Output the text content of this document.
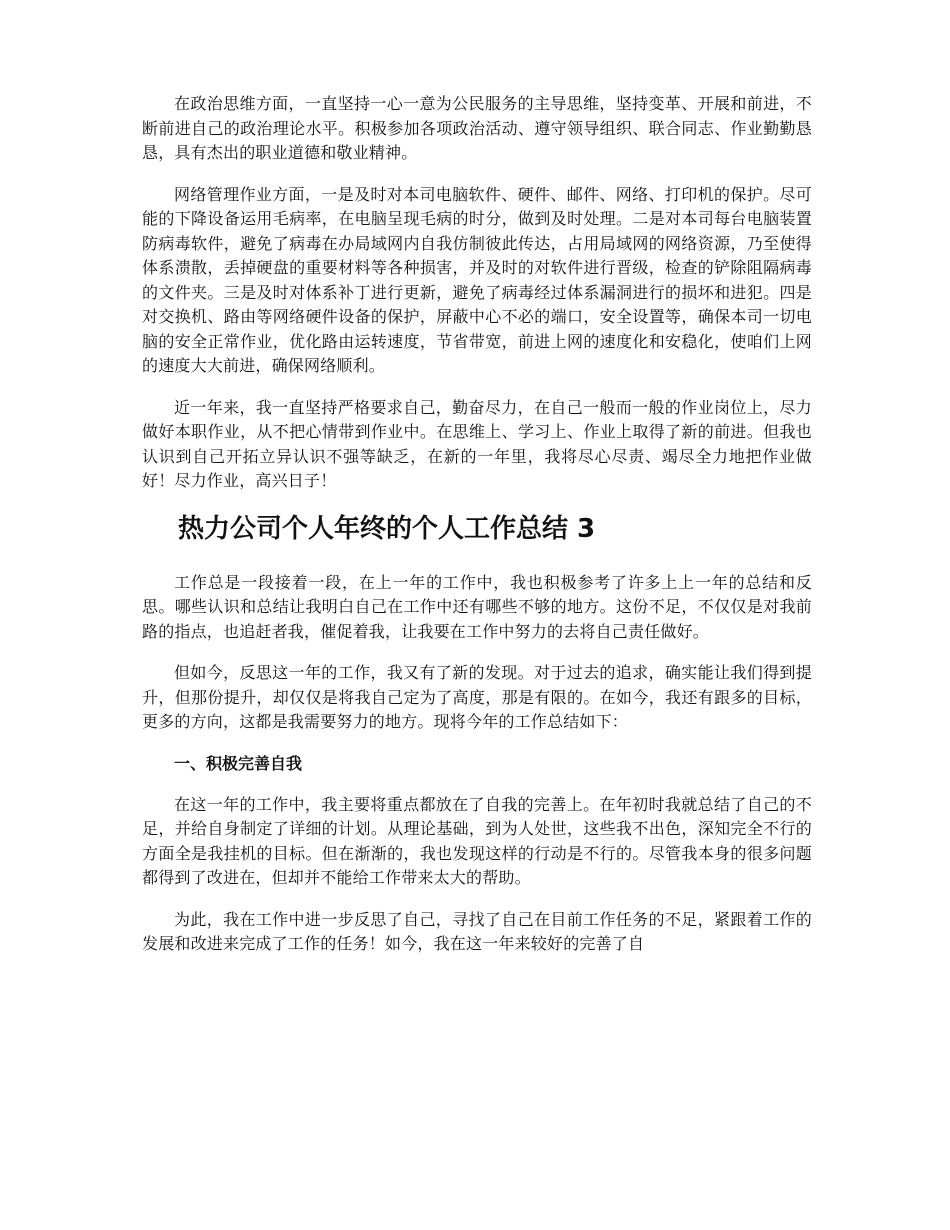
在政治思维方面，一直坚持一心一意为公民服务的主导思维，坚持变革、开展和前进，不断前进自己的政治理论水平。积极参加各项政治活动、遵守领导组织、联合同志、作业勤勤恳恳，具有杰出的职业道德和敬业精神。

网络管理作业方面，一是及时对本司电脑软件、硬件、邮件、网络、打印机的保护。尽可能的下降设备运用毛病率，在电脑呈现毛病的时分，做到及时处理。二是对本司每台电脑装置防病毒软件，避免了病毒在办局域网内自我仿制彼此传达，占用局域网的网络资源，乃至使得体系溃散，丢掉硬盘的重要材料等各种损害，并及时的对软件进行晋级，检查的铲除阻隔病毒的文件夹。三是及时对体系补丁进行更新，避免了病毒经过体系漏洞进行的损坏和进犯。四是对交换机、路由等网络硬件设备的保护，屏蔽中心不必的端口，安全设置等，确保本司一切电脑的安全正常作业，优化路由运转速度，节省带宽，前进上网的速度化和安稳化，使咱们上网的速度大大前进，确保网络顺利。

近一年来，我一直坚持严格要求自己，勤奋尽力，在自己一般而一般的作业岗位上，尽力做好本职作业，从不把心情带到作业中。在思维上、学习上、作业上取得了新的前进。但我也认识到自己开拓立异认识不强等缺乏，在新的一年里，我将尽心尽责、竭尽全力地把作业做好！尽力作业，高兴日子！

热力公司个人年终的个人工作总结 3

工作总是一段接着一段，在上一年的工作中，我也积极参考了许多上上一年的总结和反思。哪些认识和总结让我明白自己在工作中还有哪些不够的地方。这份不足，不仅仅是对我前路的指点，也追赶者我，催促着我，让我要在工作中努力的去将自己责任做好。

但如今，反思这一年的工作，我又有了新的发现。对于过去的追求，确实能让我们得到提升，但那份提升，却仅仅是将我自己定为了高度，那是有限的。在如今，我还有跟多的目标，更多的方向，这都是我需要努力的地方。现将今年的工作总结如下：

一、积极完善自我

在这一年的工作中，我主要将重点都放在了自我的完善上。在年初时我就总结了自己的不足，并给自身制定了详细的计划。从理论基础，到为人处世，这些我不出色，深知完全不行的方面全是我挂机的目标。但在渐渐的，我也发现这样的行动是不行的。尽管我本身的很多问题都得到了改进在，但却并不能给工作带来太大的帮助。

为此，我在工作中进一步反思了自己，寻找了自己在目前工作任务的不足，紧跟着工作的发展和改进来完成了工作的任务！如今，我在这一年来较好的完善了自
